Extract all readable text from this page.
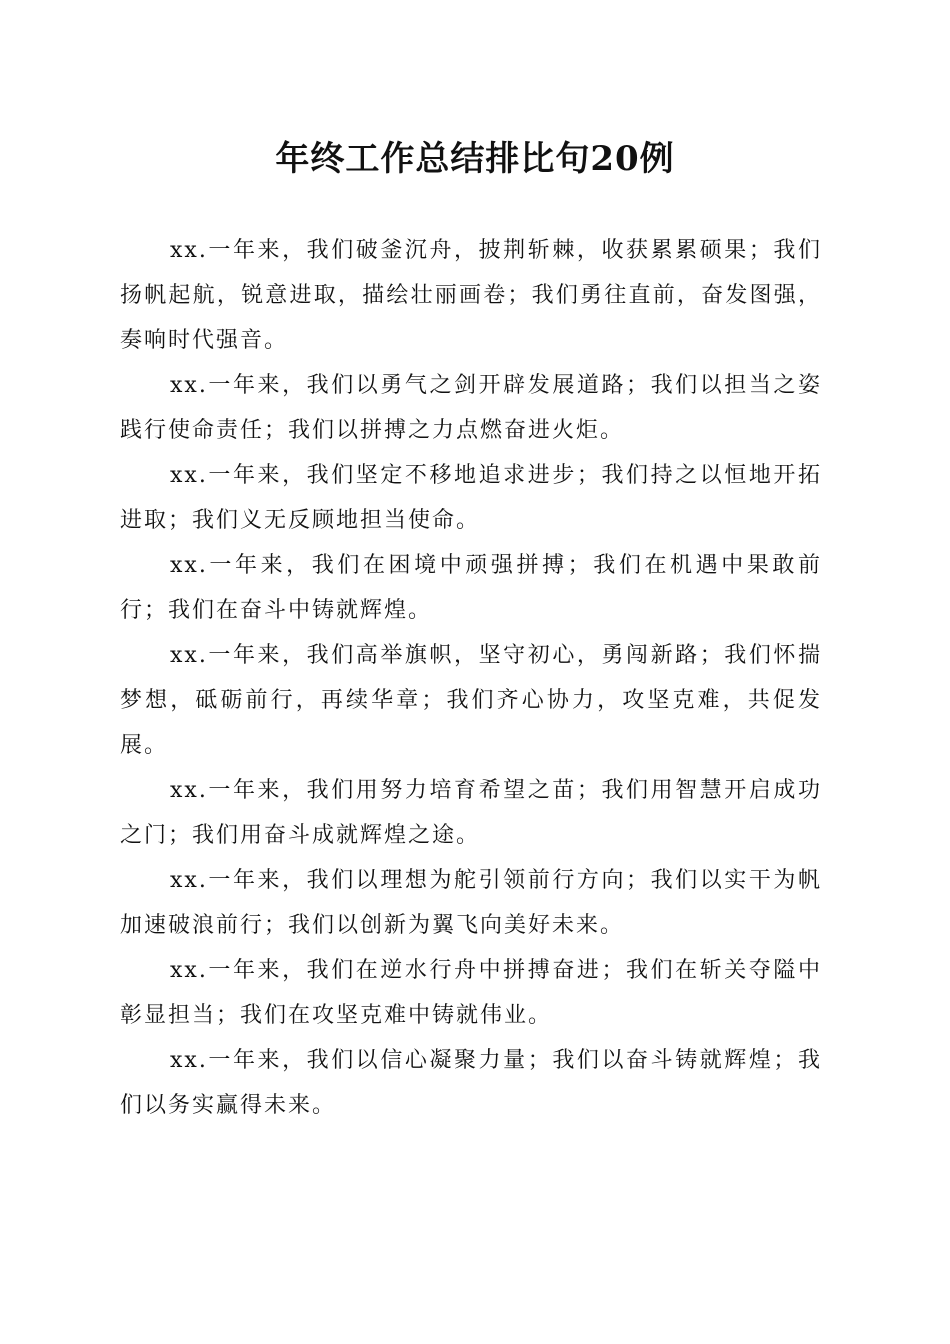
年终工作总结排比句20例

xx.一年来，我们破釜沉舟，披荆斩棘，收获累累硕果；我们扬帆起航，锐意进取，描绘壮丽画卷；我们勇往直前，奋发图强，奏响时代强音。

xx.一年来，我们以勇气之剑开辟发展道路；我们以担当之姿践行使命责任；我们以拼搏之力点燃奋进火炬。

xx.一年来，我们坚定不移地追求进步；我们持之以恒地开拓进取；我们义无反顾地担当使命。

xx.一年来，我们在困境中顽强拼搏；我们在机遇中果敢前行；我们在奋斗中铸就辉煌。

xx.一年来，我们高举旗帜，坚守初心，勇闯新路；我们怀揣梦想，砥砺前行，再续华章；我们齐心协力，攻坚克难，共促发展。

xx.一年来，我们用努力培育希望之苗；我们用智慧开启成功之门；我们用奋斗成就辉煌之途。

xx.一年来，我们以理想为舵引领前行方向；我们以实干为帆加速破浪前行；我们以创新为翼飞向美好未来。

xx.一年来，我们在逆水行舟中拼搏奋进；我们在斩关夺隘中彰显担当；我们在攻坚克难中铸就伟业。

xx.一年来，我们以信心凝聚力量；我们以奋斗铸就辉煌；我们以务实赢得未来。
